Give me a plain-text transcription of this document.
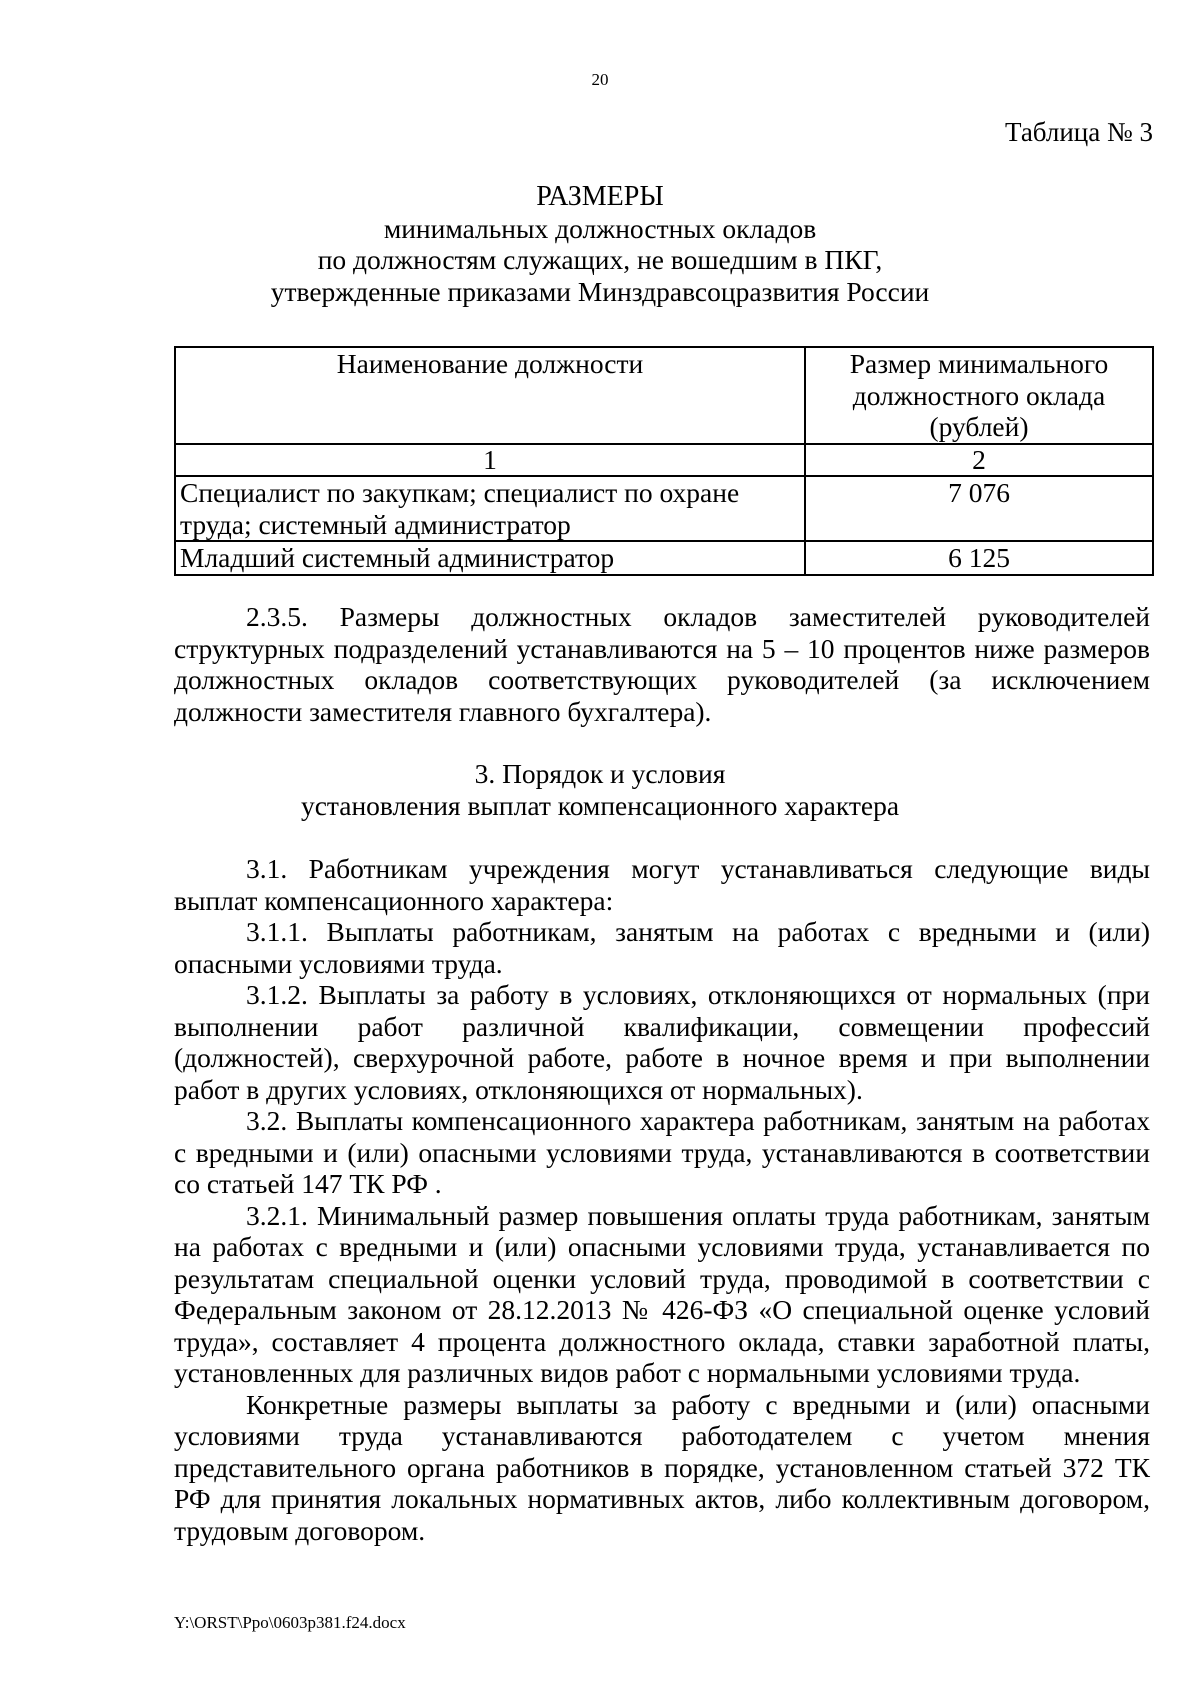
20
Таблица № 3
РАЗМЕРЫ
минимальных должностных окладов
по должностям служащих, не вошедшим в ПКГ,
утвержденные приказами Минздравсоцразвития России
Наименование должности	Размер минимального должностного оклада (рублей)
1	2
Специалист по закупкам; специалист по охране труда; системный администратор	7 076
Младший системный администратор	6 125
2.3.5. Размеры должностных окладов заместителей руководителей структурных подразделений устанавливаются на 5 – 10 процентов ниже размеров должностных окладов соответствующих руководителей (за исключением должности заместителя главного бухгалтера).
3. Порядок и условия
установления выплат компенсационного характера
3.1. Работникам учреждения могут устанавливаться следующие виды выплат компенсационного характера:
3.1.1. Выплаты работникам, занятым на работах с вредными и (или) опасными условиями труда.
3.1.2. Выплаты за работу в условиях, отклоняющихся от нормальных (при выполнении работ различной квалификации, совмещении профессий (должностей), сверхурочной работе, работе в ночное время и при выполнении работ в других условиях, отклоняющихся от нормальных).
3.2. Выплаты компенсационного характера работникам, занятым на работах с вредными и (или) опасными условиями труда, устанавливаются в соответствии со статьей 147 ТК РФ .
3.2.1. Минимальный размер повышения оплаты труда работникам, занятым на работах с вредными и (или) опасными условиями труда, устанавливается по результатам специальной оценки условий труда, проводимой в соответствии с Федеральным законом от 28.12.2013 № 426-ФЗ «О специальной оценке условий труда», составляет 4 процента должностного оклада, ставки заработной платы, установленных для различных видов работ с нормальными условиями труда.
Конкретные размеры выплаты за работу с вредными и (или) опасными условиями труда устанавливаются работодателем с учетом мнения представительного органа работников в порядке, установленном статьей 372 ТК РФ для принятия локальных нормативных актов, либо коллективным договором, трудовым договором.
Y:\ORST\Ppo\0603p381.f24.docx
